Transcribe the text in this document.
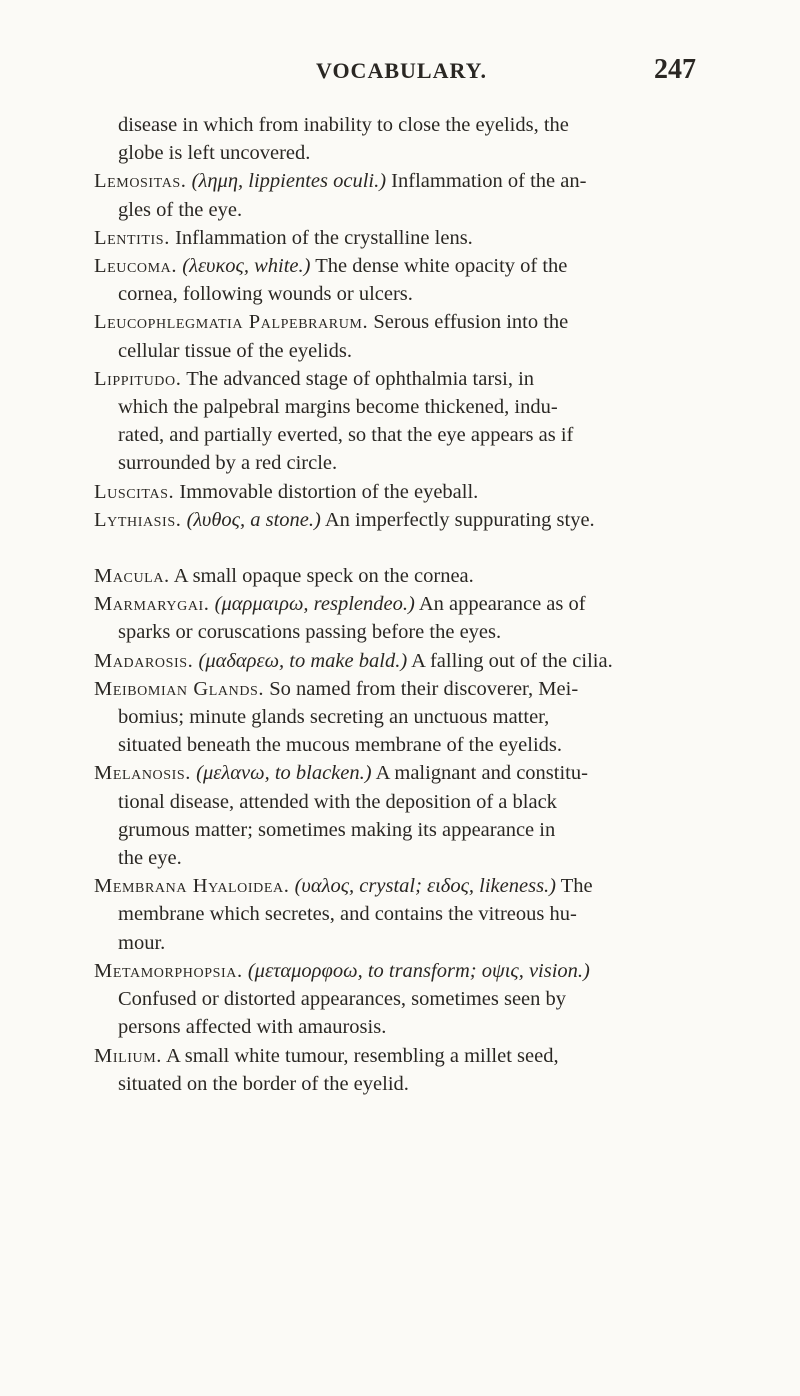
VOCABULARY.	247
disease in which from inability to close the eyelids, the
globe is left uncovered.
Lemositas. (λημη, lippientes oculi.) Inflammation of the an-
gles of the eye.
Lentitis. Inflammation of the crystalline lens.
Leucoma. (λευκος, white.) The dense white opacity of the
cornea, following wounds or ulcers.
Leucophlegmatia Palpebrarum. Serous effusion into the
cellular tissue of the eyelids.
Lippitudo. The advanced stage of ophthalmia tarsi, in
which the palpebral margins become thickened, indu-
rated, and partially everted, so that the eye appears as if
surrounded by a red circle.
Luscitas. Immovable distortion of the eyeball.
Lythiasis. (λυθος, a stone.) An imperfectly suppurating stye.
Macula. A small opaque speck on the cornea.
Marmarygai. (μαρμαιρω, resplendeo.) An appearance as of
sparks or coruscations passing before the eyes.
Madarosis. (μαδαρεω, to make bald.) A falling out of the cilia.
Meibomian Glands. So named from their discoverer, Mei-
bomius; minute glands secreting an unctuous matter,
situated beneath the mucous membrane of the eyelids.
Melanosis. (μελανω, to blacken.) A malignant and constitu-
tional disease, attended with the deposition of a black
grumous matter; sometimes making its appearance in
the eye.
Membrana Hyaloidea. (υαλος, crystal; ειδος, likeness.) The
membrane which secretes, and contains the vitreous hu-
mour.
Metamorphopsia. (μεταμορφοω, to transform; οψις, vision.)
Confused or distorted appearances, sometimes seen by
persons affected with amaurosis.
Milium. A small white tumour, resembling a millet seed,
situated on the border of the eyelid.
